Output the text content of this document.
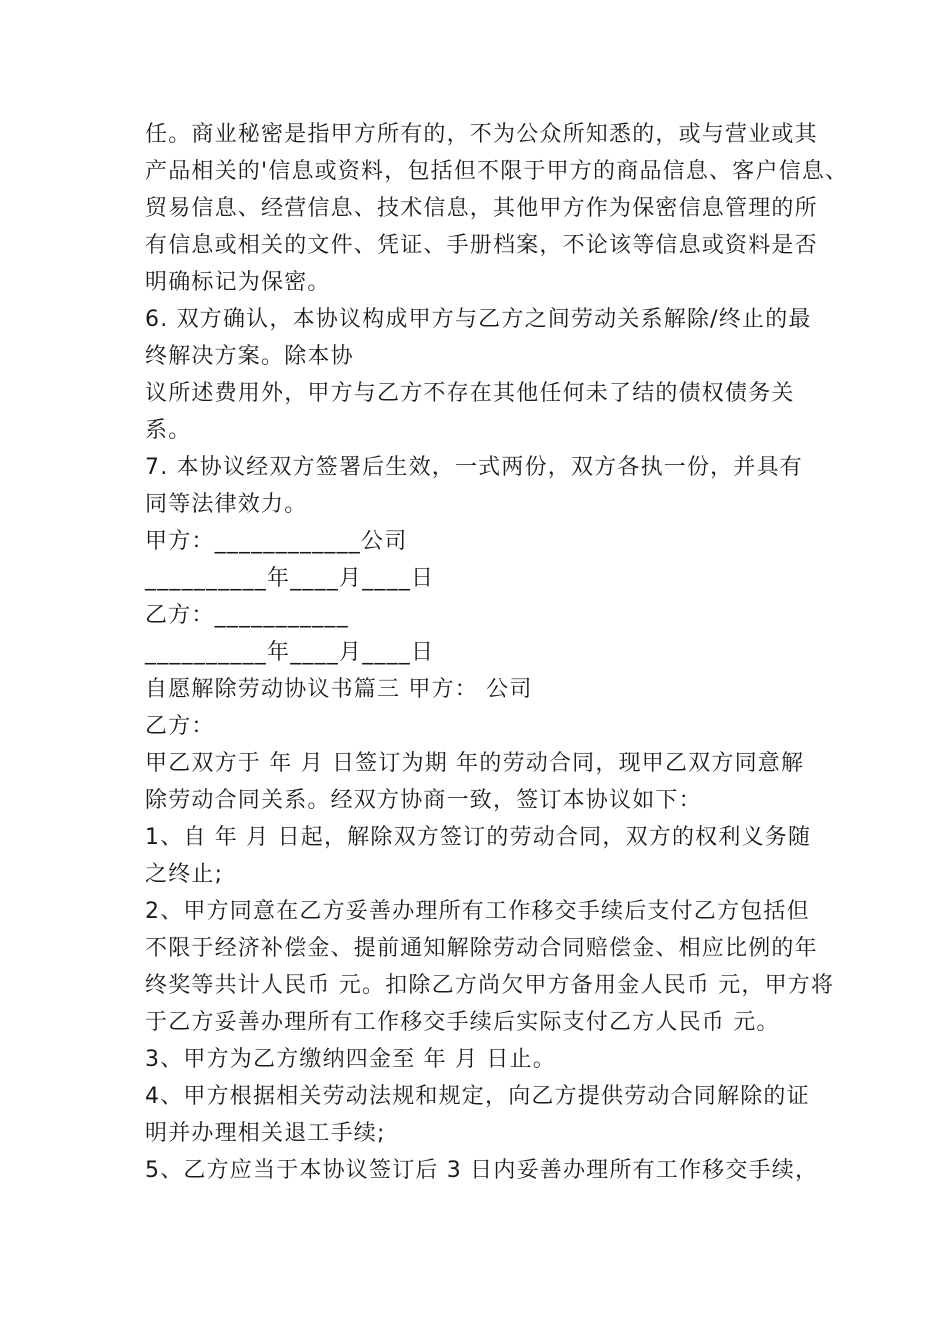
任。商业秘密是指甲方所有的，不为公众所知悉的，或与营业或其
产品相关的'信息或资料，包括但不限于甲方的商品信息、客户信息、
贸易信息、经营信息、技术信息，其他甲方作为保密信息管理的所
有信息或相关的文件、凭证、手册档案，不论该等信息或资料是否
明确标记为保密。
6. 双方确认，本协议构成甲方与乙方之间劳动关系解除/终止的最
终解决方案。除本协
议所述费用外，甲方与乙方不存在其他任何未了结的债权债务关
系。
7. 本协议经双方签署后生效，一式两份，双方各执一份，并具有
同等法律效力。
甲方：____________公司
__________年____月____日
乙方：___________
__________年____月____日
自愿解除劳动协议书篇三 甲方： 公司
乙方：
甲乙双方于 年 月 日签订为期 年的劳动合同，现甲乙双方同意解
除劳动合同关系。经双方协商一致，签订本协议如下：
1、自 年 月 日起，解除双方签订的劳动合同，双方的权利义务随
之终止;
2、甲方同意在乙方妥善办理所有工作移交手续后支付乙方包括但
不限于经济补偿金、提前通知解除劳动合同赔偿金、相应比例的年
终奖等共计人民币 元。扣除乙方尚欠甲方备用金人民币 元，甲方将
于乙方妥善办理所有工作移交手续后实际支付乙方人民币 元。
3、甲方为乙方缴纳四金至 年 月 日止。
4、甲方根据相关劳动法规和规定，向乙方提供劳动合同解除的证
明并办理相关退工手续;
5、乙方应当于本协议签订后 3 日内妥善办理所有工作移交手续，
